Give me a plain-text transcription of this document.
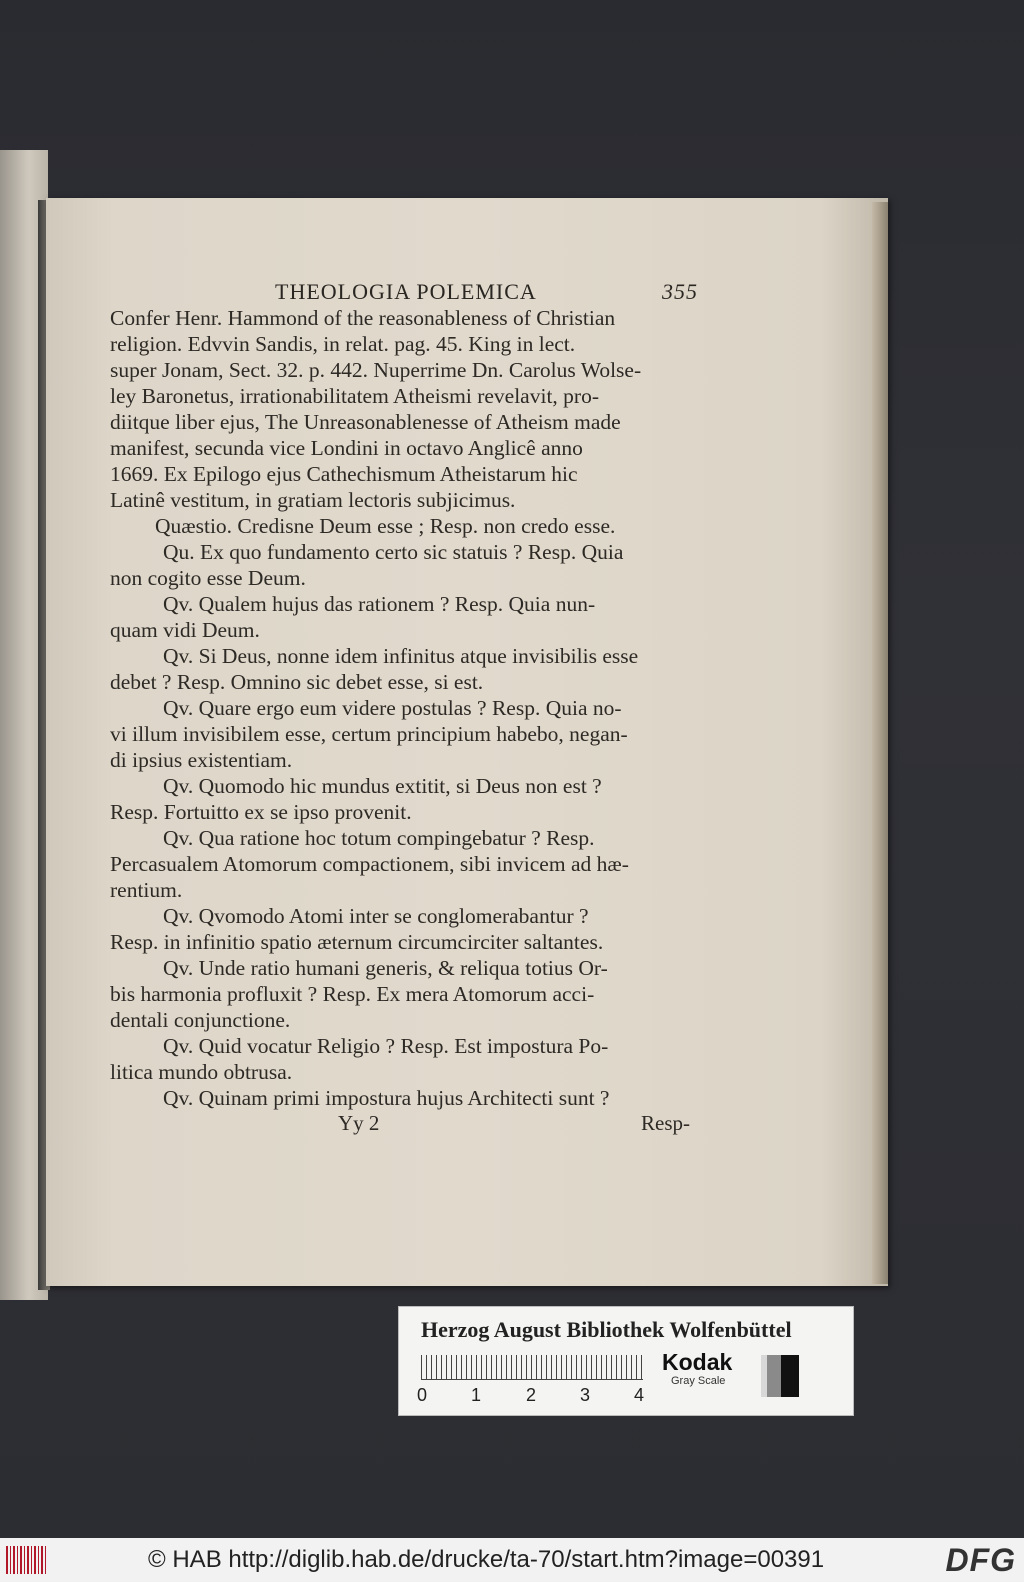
THEOLOGIA POLEMICA	355
Confer Henr. Hammond of the reasonableness of Christian
religion. Edvvin Sandis, in relat. pag. 45. King in lect.
super Jonam, Sect. 32. p. 442. Nuperrime Dn. Carolus Wolse-
ley Baronetus, irrationabilitatem Atheismi revelavit, pro-
diitque liber ejus, The Unreasonablenesse of Atheism made
manifest, secunda vice Londini in octavo Anglicê anno
1669. Ex Epilogo ejus Cathechismum Atheistarum hic
Latinê vestitum, in gratiam lectoris subjicimus.
Quæstio. Credisne Deum esse ; Resp. non credo esse.
Qu. Ex quo fundamento certo sic statuis ? Resp. Quia
non cogito esse Deum.
Qv. Qualem hujus das rationem ? Resp. Quia nun-
quam vidi Deum.
Qv. Si Deus, nonne idem infinitus atque invisibilis esse
debet ? Resp. Omnino sic debet esse, si est.
Qv. Quare ergo eum videre postulas ? Resp. Quia no-
vi illum invisibilem esse, certum principium habebo, negan-
di ipsius existentiam.
Qv. Quomodo hic mundus extitit, si Deus non est ?
Resp. Fortuitto ex se ipso provenit.
Qv. Qua ratione hoc totum compingebatur ? Resp.
Percasualem Atomorum compactionem, sibi invicem ad hæ-
rentium.
Qv. Qvomodo Atomi inter se conglomerabantur ?
Resp. in infinitio spatio æternum circumcirciter saltantes.
Qv. Unde ratio humani generis, & reliqua totius Or-
bis harmonia profluxit ? Resp. Ex mera Atomorum acci-
dentali conjunctione.
Qv. Quid vocatur Religio ? Resp. Est impostura Po-
litica mundo obtrusa.
Qv. Quinam primi impostura hujus Architecti sunt ?
Yy 2	Resp-
Herzog August Bibliothek Wolfenbüttel
0 1 2 3 4
Kodak
Gray Scale
© HAB http://diglib.hab.de/drucke/ta-70/start.htm?image=00391	DFG
